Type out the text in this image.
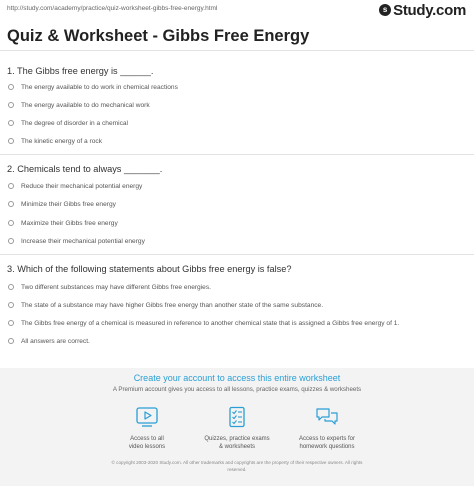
http://study.com/academy/practice/quiz-worksheet-gibbs-free-energy.html	s Study.com
Quiz & Worksheet - Gibbs Free Energy
1. The Gibbs free energy is ______.
The energy available to do work in chemical reactions
The energy available to do mechanical work
The degree of disorder in a chemical
The kinetic energy of a rock
2. Chemicals tend to always _______.
Reduce their mechanical potential energy
Minimize their Gibbs free energy
Maximize their Gibbs free energy
Increase their mechanical potential energy
3. Which of the following statements about Gibbs free energy is false?
Two different substances may have different Gibbs free energies.
The state of a substance may have higher Gibbs free energy than another state of the same substance.
The Gibbs free energy of a chemical is measured in reference to another chemical state that is assigned a Gibbs free energy of 1.
All answers are correct.
Create your account to access this entire worksheet
A Premium account gives you access to all lessons, practice exams, quizzes & worksheets
Access to all
video lessons
Quizzes, practice exams
& worksheets
Access to experts for
homework questions
© copyright 2003-2020 Study.com. All other trademarks and copyrights are the property of their respective owners. All rights
reserved.
